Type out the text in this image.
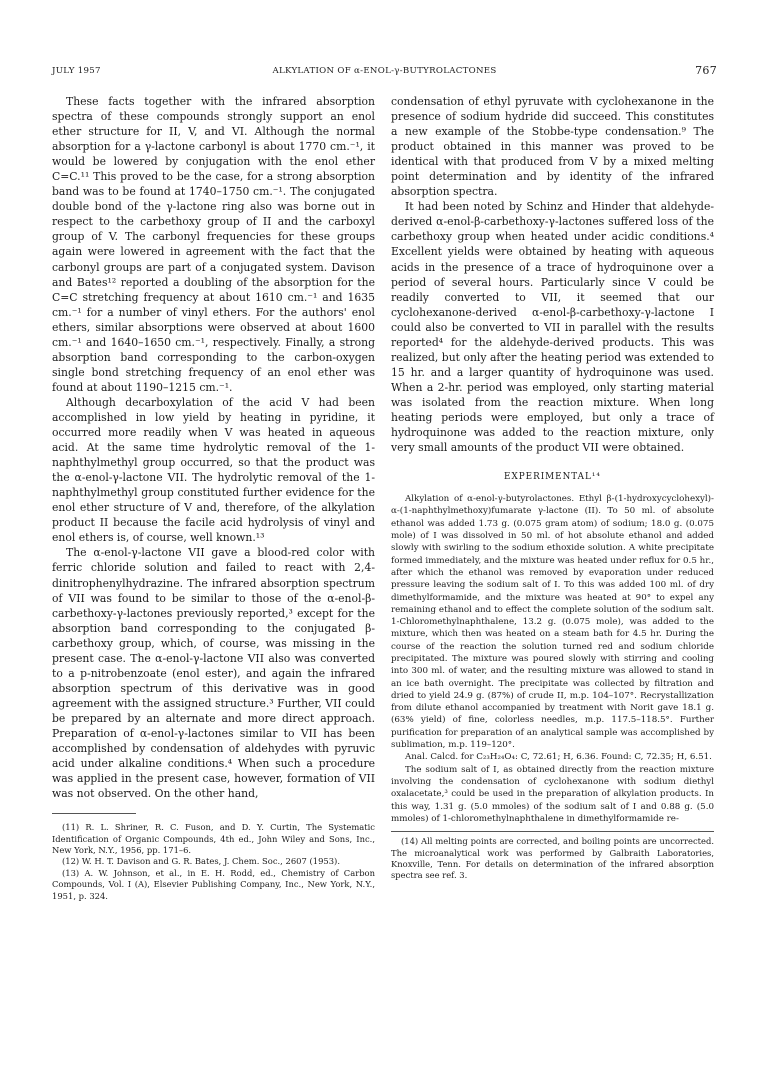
JULY 1957	ALKYLATION OF α-ENOL-γ-BUTYROLACTONES	767

These facts together with the infrared absorption spectra of these compounds strongly support an enol ether structure for II, V, and VI. Although the normal absorption for a γ-lactone carbonyl is about 1770 cm.⁻¹, it would be lowered by conjugation with the enol ether C=C.¹¹ This proved to be the case, for a strong absorption band was to be found at 1740–1750 cm.⁻¹. The conjugated double bond of the γ-lactone ring also was borne out in respect to the carbethoxy group of II and the carboxyl group of V. The carbonyl frequencies for these groups again were lowered in agreement with the fact that the carbonyl groups are part of a conjugated system. Davison and Bates¹² reported a doubling of the absorption for the C=C stretching frequency at about 1610 cm.⁻¹ and 1635 cm.⁻¹ for a number of vinyl ethers. For the authors' enol ethers, similar absorptions were observed at about 1600 cm.⁻¹ and 1640–1650 cm.⁻¹, respectively. Finally, a strong absorption band corresponding to the carbon-oxygen single bond stretching frequency of an enol ether was found at about 1190–1215 cm.⁻¹.

Although decarboxylation of the acid V had been accomplished in low yield by heating in pyridine, it occurred more readily when V was heated in aqueous acid. At the same time hydrolytic removal of the 1-naphthylmethyl group occurred, so that the product was the α-enol-γ-lactone VII. The hydrolytic removal of the 1-naphthylmethyl group constituted further evidence for the enol ether structure of V and, therefore, of the alkylation product II because the facile acid hydrolysis of vinyl and enol ethers is, of course, well known.¹³

The α-enol-γ-lactone VII gave a blood-red color with ferric chloride solution and failed to react with 2,4-dinitrophenylhydrazine. The infrared absorption spectrum of VII was found to be similar to those of the α-enol-β-carbethoxy-γ-lactones previously reported,³ except for the absorption band corresponding to the conjugated β-carbethoxy group, which, of course, was missing in the present case. The α-enol-γ-lactone VII also was converted to a p-nitrobenzoate (enol ester), and again the infrared absorption spectrum of this derivative was in good agreement with the assigned structure.³ Further, VII could be prepared by an alternate and more direct approach. Preparation of α-enol-γ-lactones similar to VII has been accomplished by condensation of aldehydes with pyruvic acid under alkaline conditions.⁴ When such a procedure was applied in the present case, however, formation of VII was not observed. On the other hand,

(11) R. L. Shriner, R. C. Fuson, and D. Y. Curtin, The Systematic Identification of Organic Compounds, 4th ed., John Wiley and Sons, Inc., New York, N.Y., 1956, pp. 171–6.

(12) W. H. T. Davison and G. R. Bates, J. Chem. Soc., 2607 (1953).

(13) A. W. Johnson, et al., in E. H. Rodd, ed., Chemistry of Carbon Compounds, Vol. I (A), Elsevier Publishing Company, Inc., New York, N.Y., 1951, p. 324.

condensation of ethyl pyruvate with cyclohexanone in the presence of sodium hydride did succeed. This constitutes a new example of the Stobbe-type condensation.⁹ The product obtained in this manner was proved to be identical with that produced from V by a mixed melting point determination and by identity of the infrared absorption spectra.

It had been noted by Schinz and Hinder that aldehyde-derived α-enol-β-carbethoxy-γ-lactones suffered loss of the carbethoxy group when heated under acidic conditions.⁴ Excellent yields were obtained by heating with aqueous acids in the presence of a trace of hydroquinone over a period of several hours. Particularly since V could be readily converted to VII, it seemed that our cyclohexanone-derived α-enol-β-carbethoxy-γ-lactone I could also be converted to VII in parallel with the results reported⁴ for the aldehyde-derived products. This was realized, but only after the heating period was extended to 15 hr. and a larger quantity of hydroquinone was used. When a 2-hr. period was employed, only starting material was isolated from the reaction mixture. When long heating periods were employed, but only a trace of hydroquinone was added to the reaction mixture, only very small amounts of the product VII were obtained.

EXPERIMENTAL¹⁴

Alkylation of α-enol-γ-butyrolactones. Ethyl β-(1-hydroxycyclohexyl)-α-(1-naphthylmethoxy)fumarate γ-lactone (II). To 50 ml. of absolute ethanol was added 1.73 g. (0.075 gram atom) of sodium; 18.0 g. (0.075 mole) of I was dissolved in 50 ml. of hot absolute ethanol and added slowly with swirling to the sodium ethoxide solution. A white precipitate formed immediately, and the mixture was heated under reflux for 0.5 hr., after which the ethanol was removed by evaporation under reduced pressure leaving the sodium salt of I. To this was added 100 ml. of dry dimethylformamide, and the mixture was heated at 90° to expel any remaining ethanol and to effect the complete solution of the sodium salt. 1-Chloromethylnaphthalene, 13.2 g. (0.075 mole), was added to the mixture, which then was heated on a steam bath for 4.5 hr. During the course of the reaction the solution turned red and sodium chloride precipitated. The mixture was poured slowly with stirring and cooling into 300 ml. of water, and the resulting mixture was allowed to stand in an ice bath overnight. The precipitate was collected by filtration and dried to yield 24.9 g. (87%) of crude II, m.p. 104–107°. Recrystallization from dilute ethanol accompanied by treatment with Norit gave 18.1 g. (63% yield) of fine, colorless needles, m.p. 117.5–118.5°. Further purification for preparation of an analytical sample was accomplished by sublimation, m.p. 119–120°.

Anal. Calcd. for C₂₃H₂₄O₄: C, 72.61; H, 6.36. Found: C, 72.35; H, 6.51.

The sodium salt of I, as obtained directly from the reaction mixture involving the condensation of cyclohexanone with sodium diethyl oxalacetate,³ could be used in the preparation of alkylation products. In this way, 1.31 g. (5.0 mmoles) of the sodium salt of I and 0.88 g. (5.0 mmoles) of 1-chloromethylnaphthalene in dimethylformamide re-

(14) All melting points are corrected, and boiling points are uncorrected. The microanalytical work was performed by Galbraith Laboratories, Knoxville, Tenn. For details on determination of the infrared absorption spectra see ref. 3.
